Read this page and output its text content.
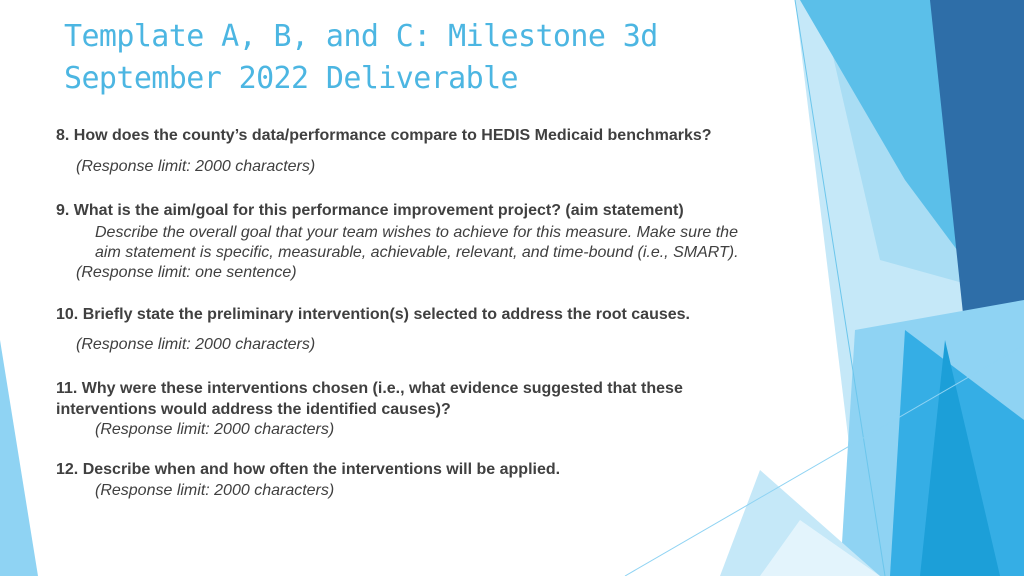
Template A, B, and C: Milestone 3d
September 2022 Deliverable
8. How does the county’s data/performance compare to HEDIS Medicaid benchmarks?
(Response limit: 2000 characters)
9. What is the aim/goal for this performance improvement project? (aim statement)
Describe the overall goal that your team wishes to achieve for this measure. Make sure the
aim statement is specific, measurable, achievable, relevant, and time-bound (i.e., SMART).
(Response limit: one sentence)
10. Briefly state the preliminary intervention(s) selected to address the root causes.
(Response limit: 2000 characters)
11. Why were these interventions chosen (i.e., what evidence suggested that these
interventions would address the identified causes)?
(Response limit: 2000 characters)
12. Describe when and how often the interventions will be applied.
(Response limit: 2000 characters)
